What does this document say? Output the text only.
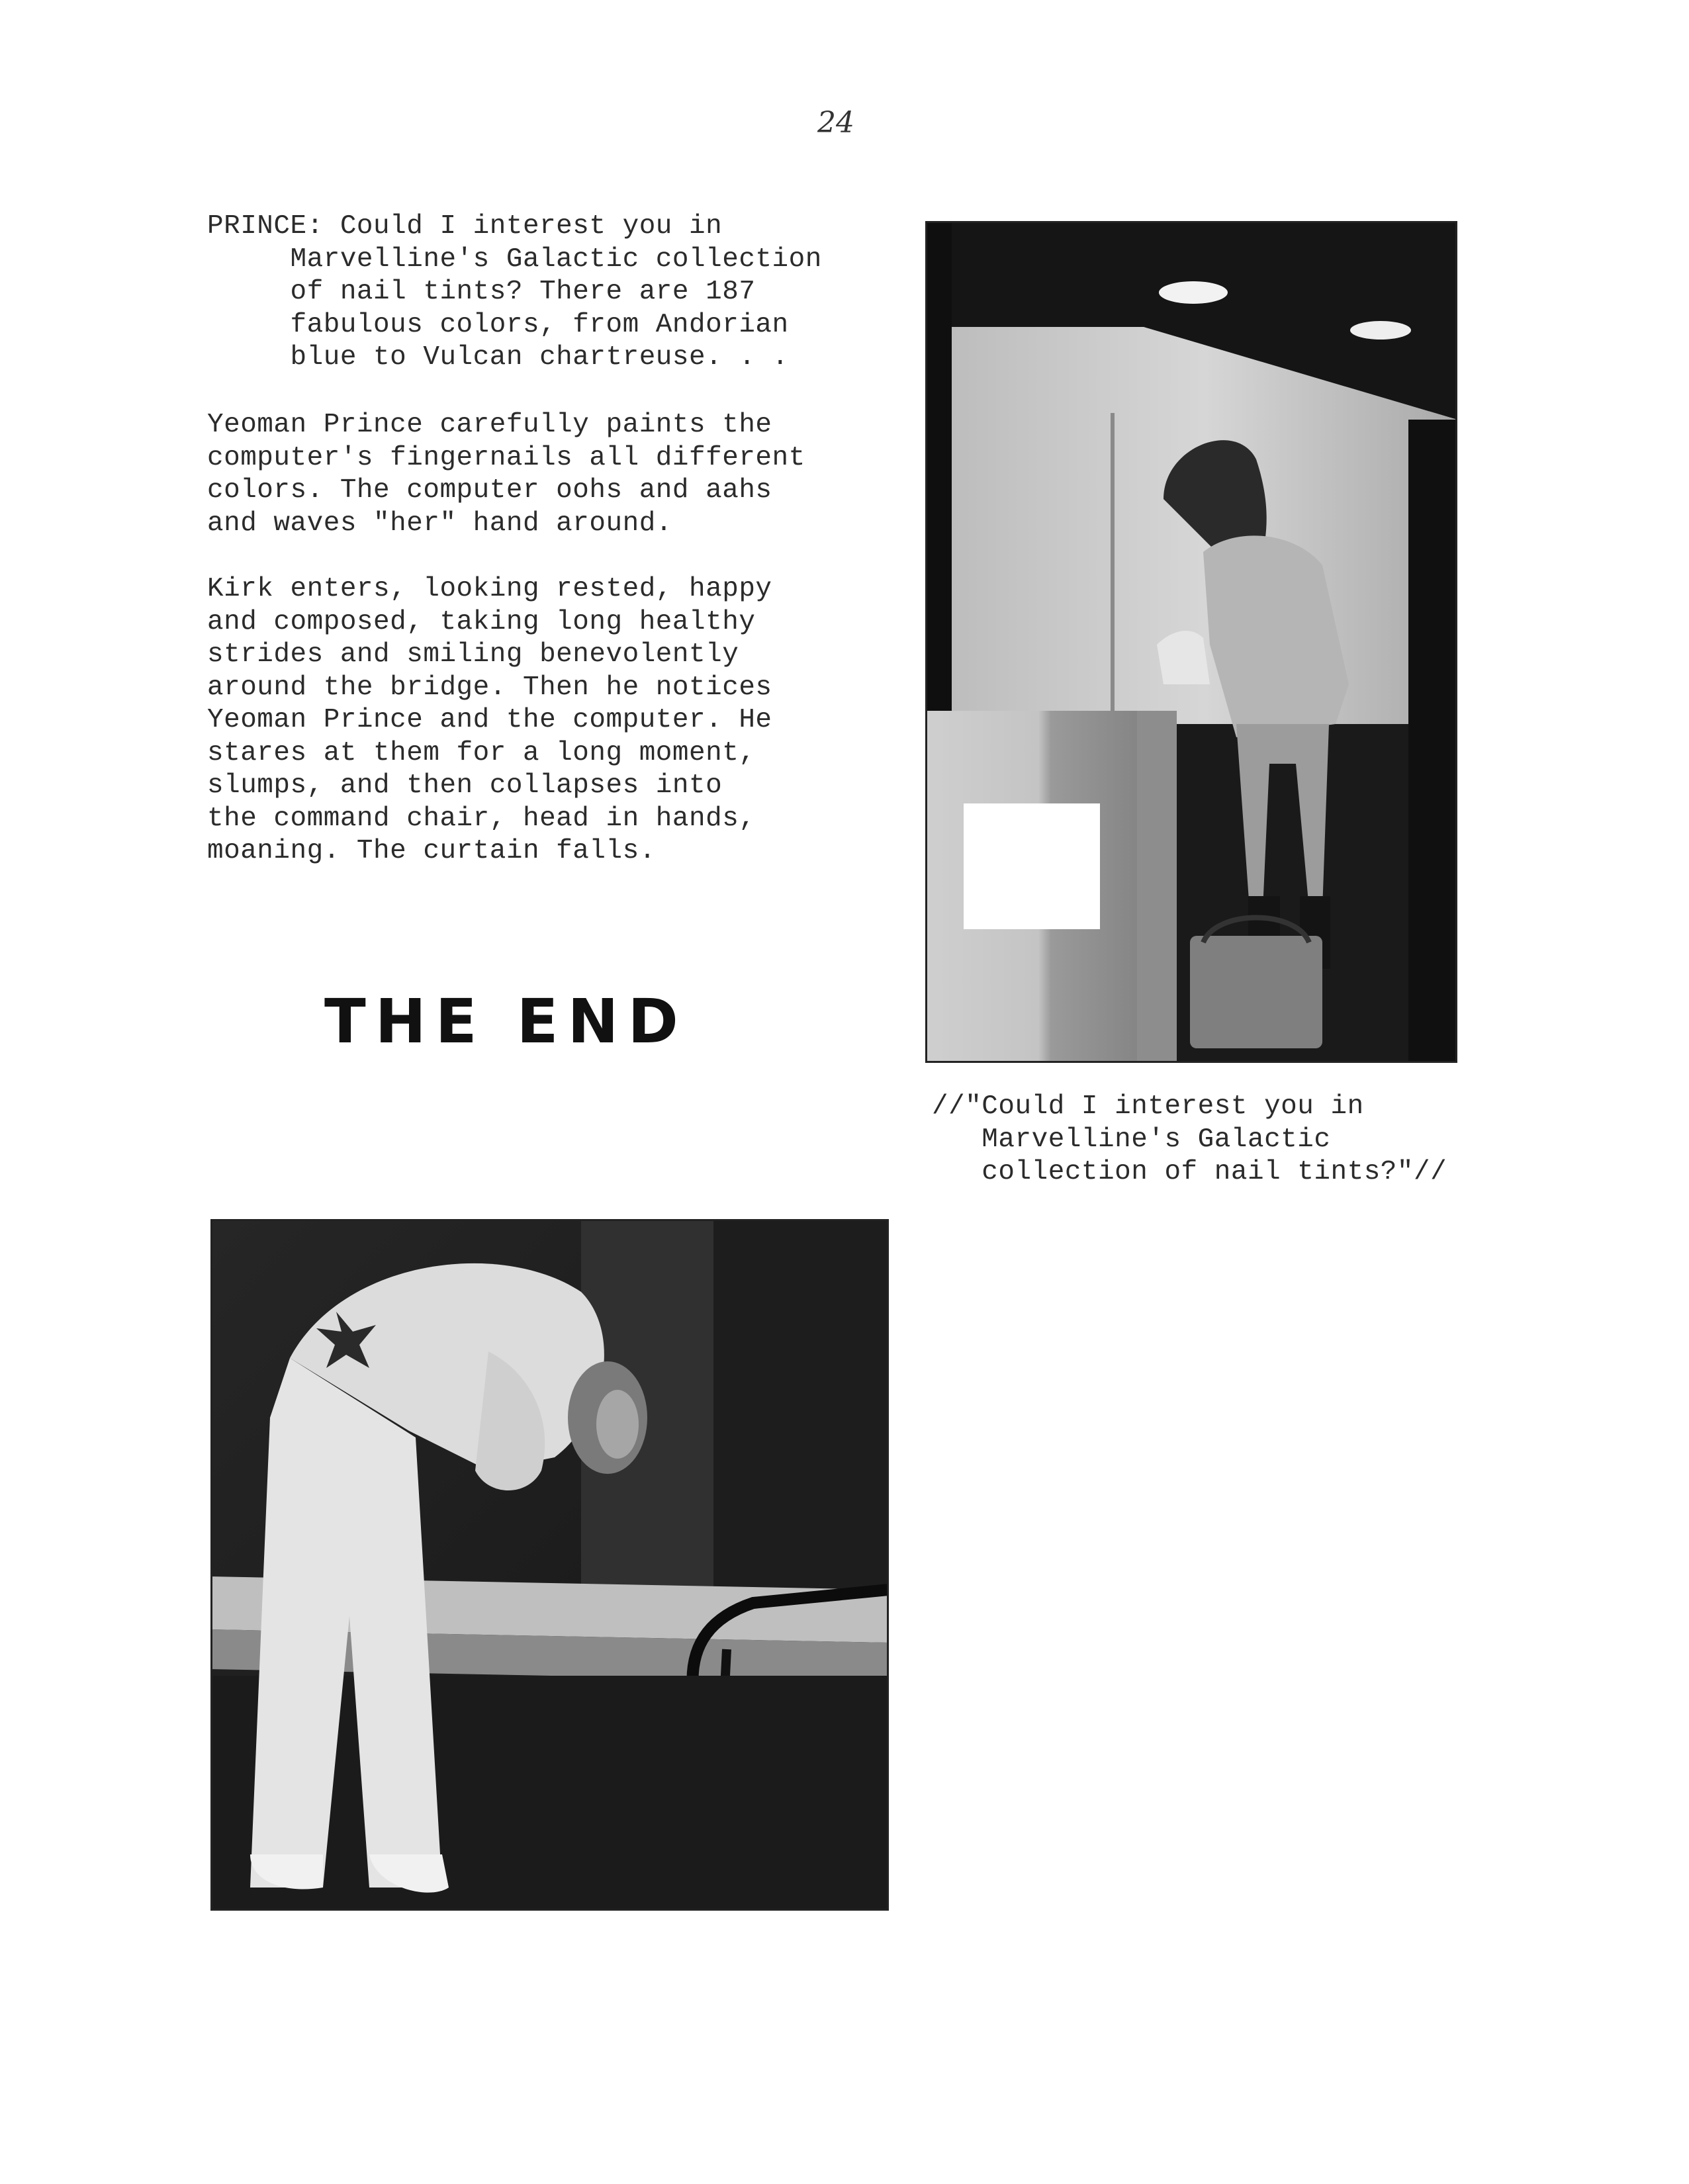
24
PRINCE: Could I interest you in
Marvelline's Galactic collection
of nail tints? There are 187
fabulous colors, from Andorian
blue to Vulcan chartreuse. . .
Yeoman Prince carefully paints the
computer's fingernails all different
colors. The computer oohs and aahs
and waves "her" hand around.
Kirk enters, looking rested, happy
and composed, taking long healthy
strides and smiling benevolently
around the bridge. Then he notices
Yeoman Prince and the computer. He
stares at them for a long moment,
slumps, and then collapses into
the command chair, head in hands,
moaning. The curtain falls.
THE END
//"Could I interest you in
Marvelline's Galactic
collection of nail tints?"//
